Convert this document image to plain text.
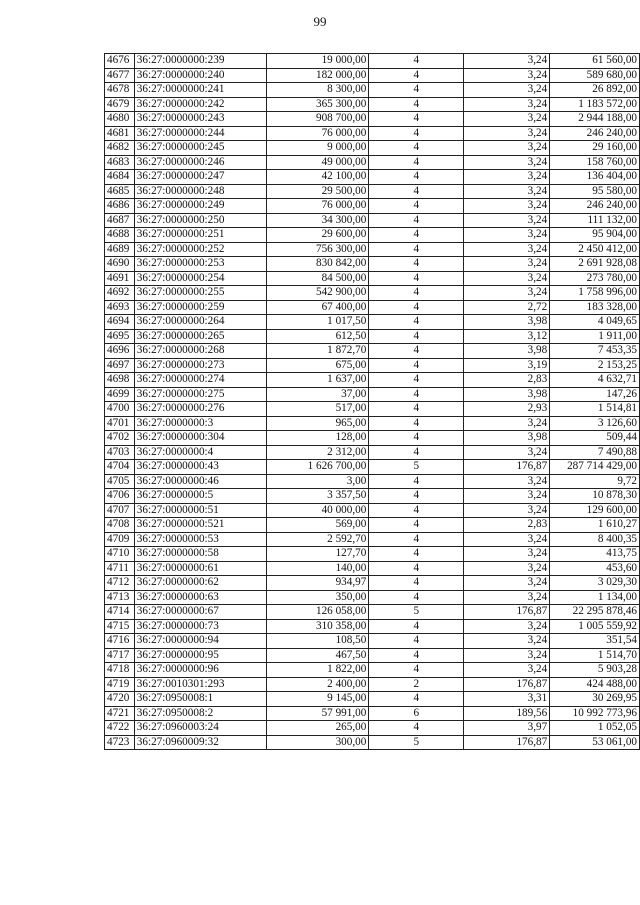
99
4676	36:27:0000000:239	19 000,00	4	3,24	61 560,00
4677	36:27:0000000:240	182 000,00	4	3,24	589 680,00
4678	36:27:0000000:241	8 300,00	4	3,24	26 892,00
4679	36:27:0000000:242	365 300,00	4	3,24	1 183 572,00
4680	36:27:0000000:243	908 700,00	4	3,24	2 944 188,00
4681	36:27:0000000:244	76 000,00	4	3,24	246 240,00
4682	36:27:0000000:245	9 000,00	4	3,24	29 160,00
4683	36:27:0000000:246	49 000,00	4	3,24	158 760,00
4684	36:27:0000000:247	42 100,00	4	3,24	136 404,00
4685	36:27:0000000:248	29 500,00	4	3,24	95 580,00
4686	36:27:0000000:249	76 000,00	4	3,24	246 240,00
4687	36:27:0000000:250	34 300,00	4	3,24	111 132,00
4688	36:27:0000000:251	29 600,00	4	3,24	95 904,00
4689	36:27:0000000:252	756 300,00	4	3,24	2 450 412,00
4690	36:27:0000000:253	830 842,00	4	3,24	2 691 928,08
4691	36:27:0000000:254	84 500,00	4	3,24	273 780,00
4692	36:27:0000000:255	542 900,00	4	3,24	1 758 996,00
4693	36:27:0000000:259	67 400,00	4	2,72	183 328,00
4694	36:27:0000000:264	1 017,50	4	3,98	4 049,65
4695	36:27:0000000:265	612,50	4	3,12	1 911,00
4696	36:27:0000000:268	1 872,70	4	3,98	7 453,35
4697	36:27:0000000:273	675,00	4	3,19	2 153,25
4698	36:27:0000000:274	1 637,00	4	2,83	4 632,71
4699	36:27:0000000:275	37,00	4	3,98	147,26
4700	36:27:0000000:276	517,00	4	2,93	1 514,81
4701	36:27:0000000:3	965,00	4	3,24	3 126,60
4702	36:27:0000000:304	128,00	4	3,98	509,44
4703	36:27:0000000:4	2 312,00	4	3,24	7 490,88
4704	36:27:0000000:43	1 626 700,00	5	176,87	287 714 429,00
4705	36:27:0000000:46	3,00	4	3,24	9,72
4706	36:27:0000000:5	3 357,50	4	3,24	10 878,30
4707	36:27:0000000:51	40 000,00	4	3,24	129 600,00
4708	36:27:0000000:521	569,00	4	2,83	1 610,27
4709	36:27:0000000:53	2 592,70	4	3,24	8 400,35
4710	36:27:0000000:58	127,70	4	3,24	413,75
4711	36:27:0000000:61	140,00	4	3,24	453,60
4712	36:27:0000000:62	934,97	4	3,24	3 029,30
4713	36:27:0000000:63	350,00	4	3,24	1 134,00
4714	36:27:0000000:67	126 058,00	5	176,87	22 295 878,46
4715	36:27:0000000:73	310 358,00	4	3,24	1 005 559,92
4716	36:27:0000000:94	108,50	4	3,24	351,54
4717	36:27:0000000:95	467,50	4	3,24	1 514,70
4718	36:27:0000000:96	1 822,00	4	3,24	5 903,28
4719	36:27:0010301:293	2 400,00	2	176,87	424 488,00
4720	36:27:0950008:1	9 145,00	4	3,31	30 269,95
4721	36:27:0950008:2	57 991,00	6	189,56	10 992 773,96
4722	36:27:0960003:24	265,00	4	3,97	1 052,05
4723	36:27:0960009:32	300,00	5	176,87	53 061,00
